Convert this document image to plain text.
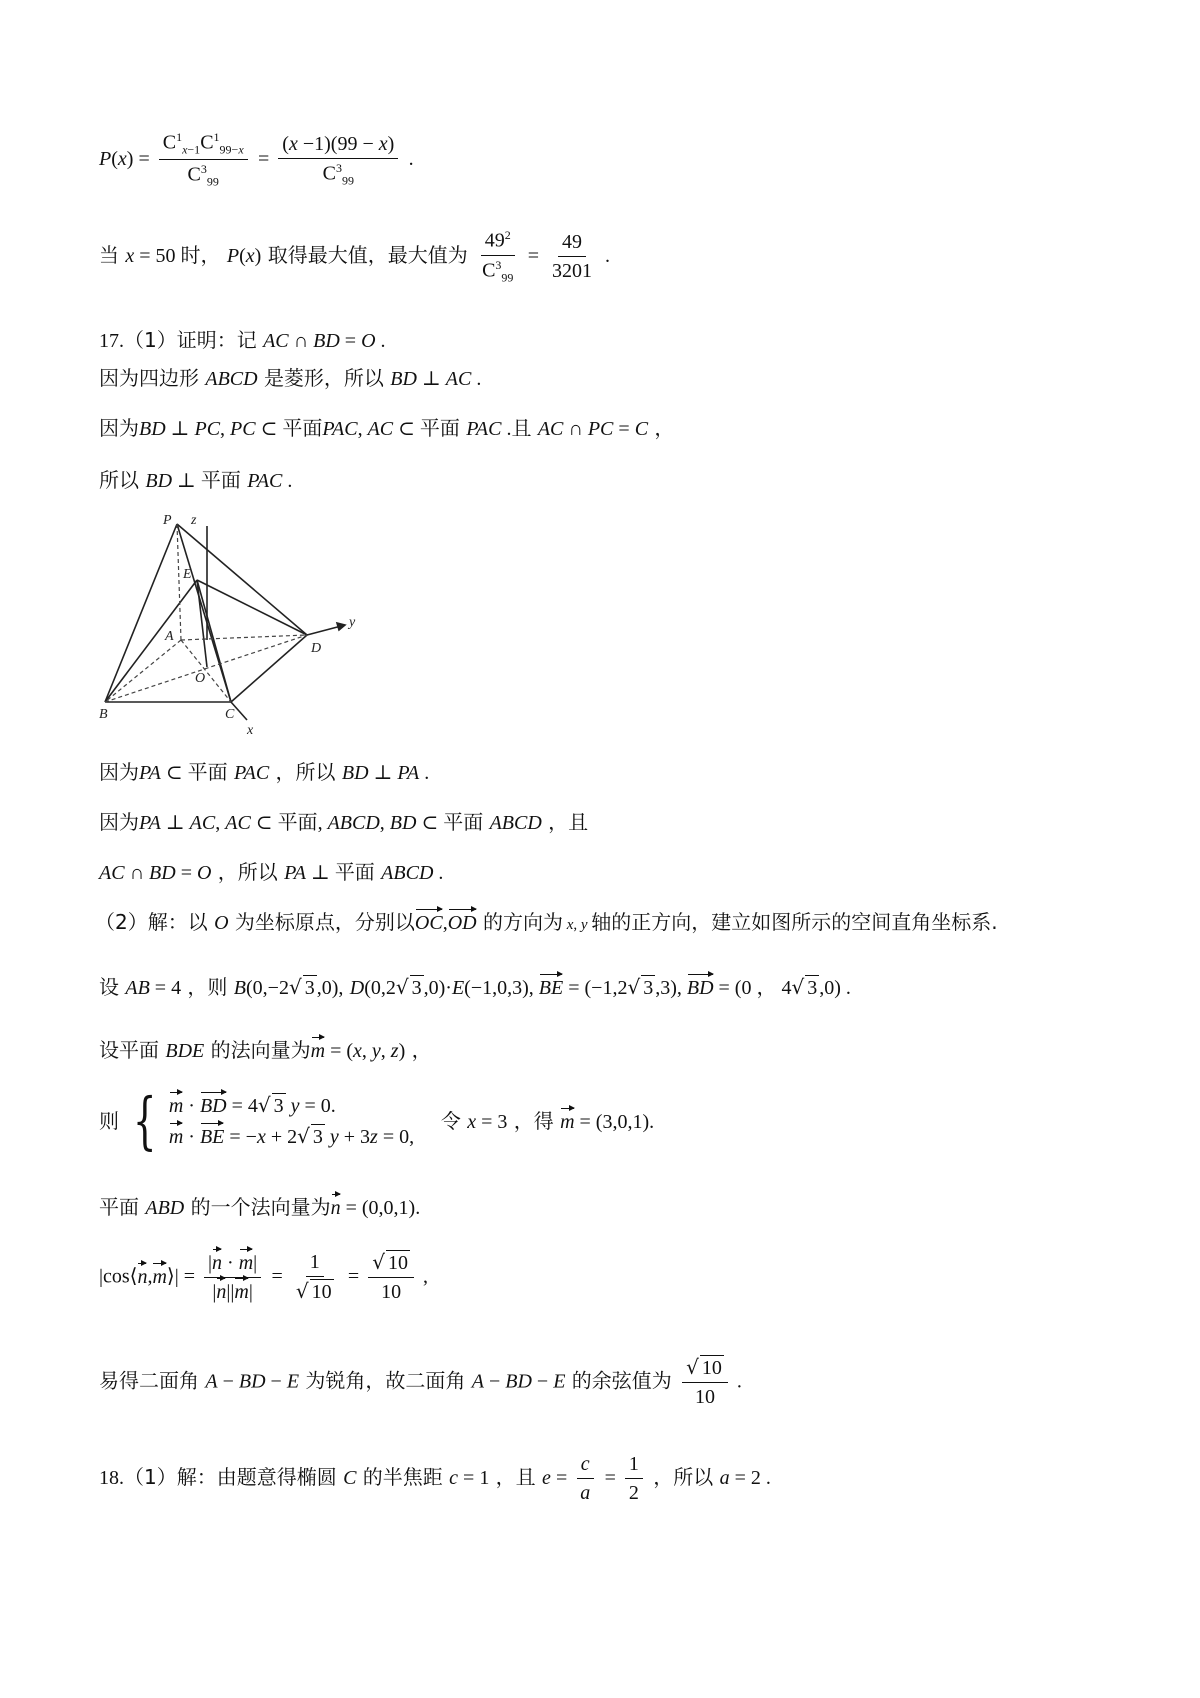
$P(x) = \frac{C^1_{x-1}C^1_{99-x}}{C^3_{99}} = \frac{(x -1)(99 - x)}{C^3_{99}}$ .
当 x = 50 时， P(x) 取得最大值，最大值为 $\frac{49^2}{C^3_{99}} = \frac{49}{3201}$ .
17.（1）证明：记 AC ∩ BD = O .
因为四边形 ABCD 是菱形，所以 BD ⊥ AC .
因为BD ⊥ PC, PC ⊂ 平面PAC, AC ⊂ 平面 PAC .且 AC ∩ PC = C ，
所以 BD ⊥ 平面 PAC .
P z
E
A
O
D
y
B	C
x
因为PA ⊂ 平面 PAC ，所以 BD ⊥ PA .
因为PA ⊥ AC, AC ⊂ 平面, ABCD, BD ⊂ 平面 ABCD ，且
AC ∩ BD = O ，所以 PA ⊥ 平面 ABCD .
（2）解：以 O 为坐标原点，分别以OC,OD 的方向为 x, y 轴的正方向，建立如图所示的空间直角坐标系.
设 AB = 4 ，则 B(0,−2√ 3 ,0), D(0,2√ 3 ,0)·E(−1,0,3), BE = (−1,2√ 3 ,3), BD = (0 ， 4√ 3 ,0) .
设平面 BDE 的法向量为m = (x, y, z) ，
则 { m · BD = 4√ 3 y = 0.
m · BE = −x + 2√ 3 y + 3z = 0,
令 x = 3 ，得 m = (3,0,1).
平面 ABD 的一个法向量为n = (0,0,1).
|cos⟨n,m⟩| = $\frac{|n \cdot m|}{|n||m|} = \frac{1}{√ 10} = \frac{√ 10}{10}$ ,
易得二面角 A − BD − E 为锐角，故二面角 A − BD − E 的余弦值为 $\frac{√ 10}{10}$ .
18.（1）解：由题意得椭圆 C 的半焦距 c = 1 ，且 $e = \frac{c}{a} = \frac{1}{2}$ ，所以 a = 2 .
